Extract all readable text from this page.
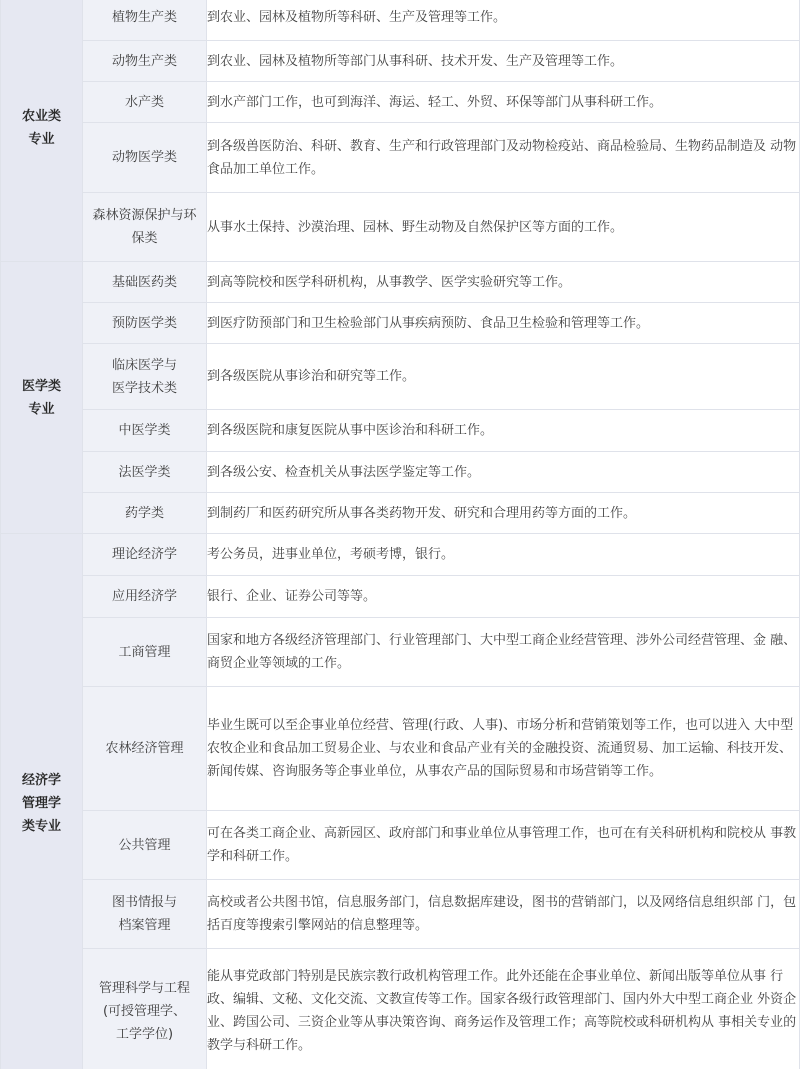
农业类
专业	植物生产类	到农业、园林及植物所等科研、生产及管理等工作。

	动物生产类	到农业、园林及植物所等部门从事科研、技术开发、生产及管理等工作。

	水产类	到水产部门工作，也可到海洋、海运、轻工、外贸、环保等部门从事科研工作。

	动物医学类	到各级兽医防治、科研、教育、生产和行政管理部门及动物检疫站、商品检验局、生物药品制造及 动物食品加工单位工作。

	森林资源保护与环
保类	从事水土保持、沙漠治理、园林、野生动物及自然保护区等方面的工作。

医学类
专业	基础医药类	到高等院校和医学科研机构，从事教学、医学实验研究等工作。

	预防医学类	到医疗防预部门和卫生检验部门从事疾病预防、食品卫生检验和管理等工作。

	临床医学与
医学技术类	到各级医院从事诊治和研究等工作。

	中医学类	到各级医院和康复医院从事中医诊治和科研工作。

	法医学类	到各级公安、检查机关从事法医学鉴定等工作。

	药学类	到制药厂和医药研究所从事各类药物开发、研究和合理用药等方面的工作。

经济学
管理学
类专业	理论经济学	考公务员，进事业单位，考硕考博，银行。

	应用经济学	银行、企业、证券公司等等。

	工商管理	国家和地方各级经济管理部门、行业管理部门、大中型工商企业经营管理、涉外公司经营管理、金 融、商贸企业等领域的工作。

	农林经济管理	毕业生既可以至企事业单位经营、管理(行政、人事)、市场分析和营销策划等工作，也可以进入 大中型农牧企业和食品加工贸易企业、与农业和食品产业有关的金融投资、流通贸易、加工运输、科技开发、新闻传媒、咨询服务等企事业单位，从事农产品的国际贸易和市场营销等工作。

	公共管理	可在各类工商企业、高新园区、政府部门和事业单位从事管理工作，也可在有关科研机构和院校从 事教学和科研工作。

	图书情报与
档案管理	高校或者公共图书馆，信息服务部门，信息数据库建设，图书的营销部门，以及网络信息组织部 门，包括百度等搜索引擎网站的信息整理等。

	管理科学与工程
(可授管理学、
工学学位)	能从事党政部门特别是民族宗教行政机构管理工作。此外还能在企事业单位、新闻出版等单位从事 行政、编辑、文秘、文化交流、文教宣传等工作。国家各级行政管理部门、国内外大中型工商企业 外资企业、跨国公司、三资企业等从事决策咨询、商务运作及管理工作；高等院校或科研机构从 事相关专业的教学与科研工作。
